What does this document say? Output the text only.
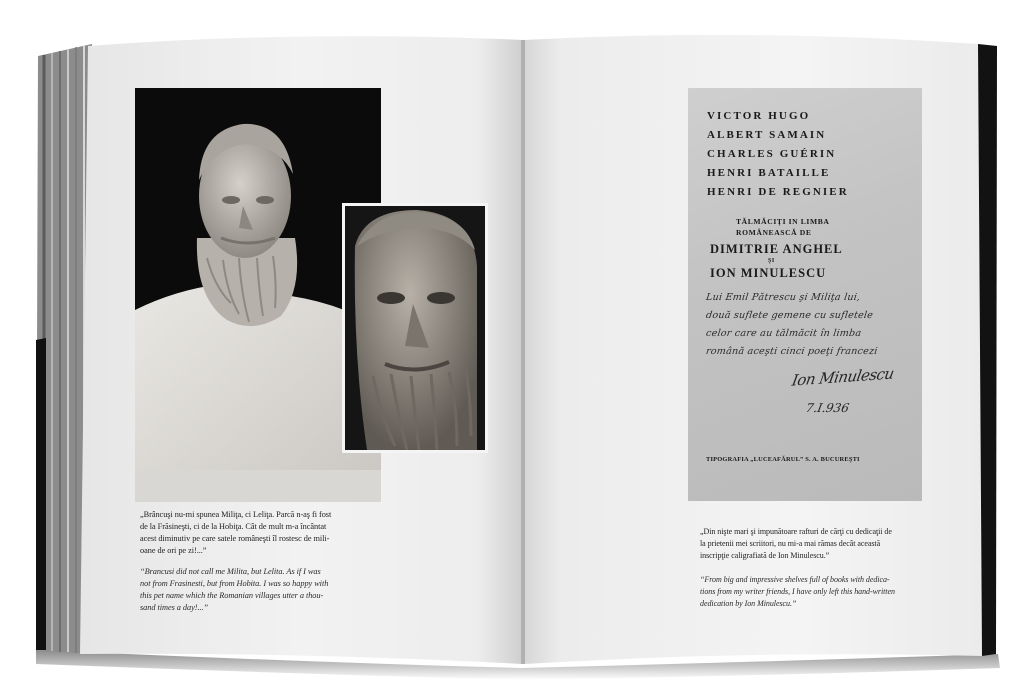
„Brâncuşi nu-mi spunea Miliţa, ci Leliţa. Parcă n-aş fi fost
de la Frăsineşti, ci de la Hobiţa. Cât de mult m-a încântat
acest diminutiv pe care satele româneşti îl rostesc de mili-
oane de ori pe zi!...”
“Brancusi did not call me Milita, but Lelita. As if I was
not from Frasinesti, but from Hobita. I was so happy with
this pet name which the Romanian villages utter a thou-
sand times a day!...”
VICTOR HUGO
ALBERT SAMAIN
CHARLES GUÉRIN
HENRI BATAILLE
HENRI DE REGNIER
TĂLMĂCIŢI IN LIMBA
ROMÂNEASCĂ DE
DIMITRIE ANGHEL
ŞI
ION MINULESCU
Lui Emil Pătrescu şi Miliţa lui,
două suflete gemene cu sufletele
celor care au tălmăcit în limba
română aceşti cinci poeţi francezi
Ion Minulescu
7.I.936
TIPOGRAFIA „LUCEAFĂRUL” S. A. BUCUREŞTI
„Din nişte mari şi impunătoare rafturi de cărţi cu dedicaţii de
la prietenii mei scriitori, nu mi-a mai rămas decât această
inscripţie caligrafiată de Ion Minulescu.”
“From big and impressive shelves full of books with dedica-
tions from my writer friends, I have only left this hand-written
dedication by Ion Minulescu.”
